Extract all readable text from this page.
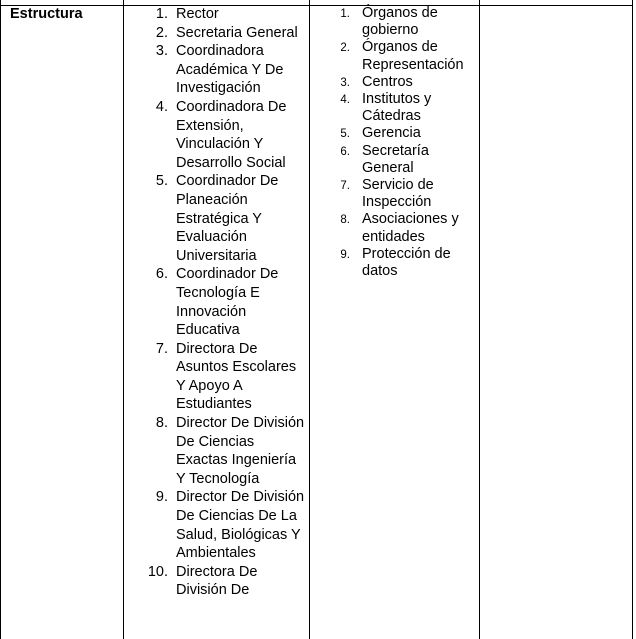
Estructura	1. Rector
2. Secretaria General
3. Coordinadora Académica Y De Investigación
4. Coordinadora De Extensión, Vinculación Y Desarrollo Social
5. Coordinador De Planeación Estratégica Y Evaluación Universitaria
6. Coordinador De Tecnología E Innovación Educativa
7. Directora De Asuntos Escolares Y Apoyo A Estudiantes
8. Director De División De Ciencias Exactas Ingeniería Y Tecnología
9. Director De División De Ciencias De La Salud, Biológicas Y Ambientales
10. Directora De División De
1. Órganos de gobierno
2. Órganos de Representación
3. Centros
4. Institutos y Cátedras
5. Gerencia
6. Secretaría General
7. Servicio de Inspección
8. Asociaciones y entidades
9. Protección de datos
